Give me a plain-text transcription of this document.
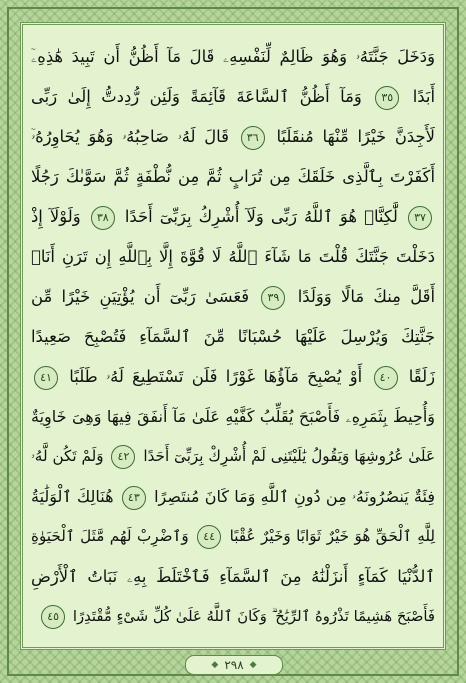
وَدَخَلَ جَنَّتَهُۥ وَهُوَ ظَالِمٌ لِّنَفْسِهِۦ قَالَ مَآ أَظُنُّ أَن تَبِيدَ هَٰذِهِۦٓ
أَبَدًا ٣٥ وَمَآ أَظُنُّ ٱلسَّاعَةَ قَآئِمَةً وَلَئِن رُّدِدتُّ إِلَىٰ رَبِّى
لَأَجِدَنَّ خَيْرًا مِّنْهَا مُنقَلَبًا ٣٦ قَالَ لَهُۥ صَاحِبُهُۥ وَهُوَ يُحَاوِرُهُۥٓ
أَكَفَرْتَ بِٱلَّذِى خَلَقَكَ مِن تُرَابٍ ثُمَّ مِن نُّطْفَةٍ ثُمَّ سَوَّىٰكَ رَجُلًا
٣٧ لَّٰكِنَّا۠ هُوَ ٱللَّهُ رَبِّى وَلَآ أُشْرِكُ بِرَبِّىٓ أَحَدًا ٣٨ وَلَوْلَآ إِذْ
دَخَلْتَ جَنَّتَكَ قُلْتَ مَا شَآءَ ٱللَّهُ لَا قُوَّةَ إِلَّا بِٱللَّهِ إِن تَرَنِ أَنَا۠
أَقَلَّ مِنكَ مَالًا وَوَلَدًا ٣٩ فَعَسَىٰ رَبِّىٓ أَن يُؤْتِيَنِ خَيْرًا مِّن
جَنَّتِكَ وَيُرْسِلَ عَلَيْهَا حُسْبَانًا مِّنَ ٱلسَّمَآءِ فَتُصْبِحَ صَعِيدًا
زَلَقًا ٤٠ أَوْ يُصْبِحَ مَآؤُهَا غَوْرًا فَلَن تَسْتَطِيعَ لَهُۥ طَلَبًا ٤١
وَأُحِيطَ بِثَمَرِهِۦ فَأَصْبَحَ يُقَلِّبُ كَفَّيْهِ عَلَىٰ مَآ أَنفَقَ فِيهَا وَهِىَ خَاوِيَةٌ
عَلَىٰ عُرُوشِهَا وَيَقُولُ يَٰلَيْتَنِى لَمْ أُشْرِكْ بِرَبِّىٓ أَحَدًا ٤٢ وَلَمْ تَكُن لَّهُۥ
فِئَةٌ يَنصُرُونَهُۥ مِن دُونِ ٱللَّهِ وَمَا كَانَ مُنتَصِرًا ٤٣ هُنَالِكَ ٱلْوَلَٰيَةُ
لِلَّهِ ٱلْحَقِّ هُوَ خَيْرٌ ثَوَابًا وَخَيْرٌ عُقْبًا ٤٤ وَٱضْرِبْ لَهُم مَّثَلَ ٱلْحَيَوٰةِ
ٱلدُّنْيَا كَمَآءٍ أَنزَلْنَٰهُ مِنَ ٱلسَّمَآءِ فَٱخْتَلَطَ بِهِۦ نَبَاتُ ٱلْأَرْضِ
فَأَصْبَحَ هَشِيمًا تَذْرُوهُ ٱلرِّيَٰحُ ۗ وَكَانَ ٱللَّهُ عَلَىٰ كُلِّ شَىْءٍ مُّقْتَدِرًا ٤٥
◆ ٢٩٨ ◆
